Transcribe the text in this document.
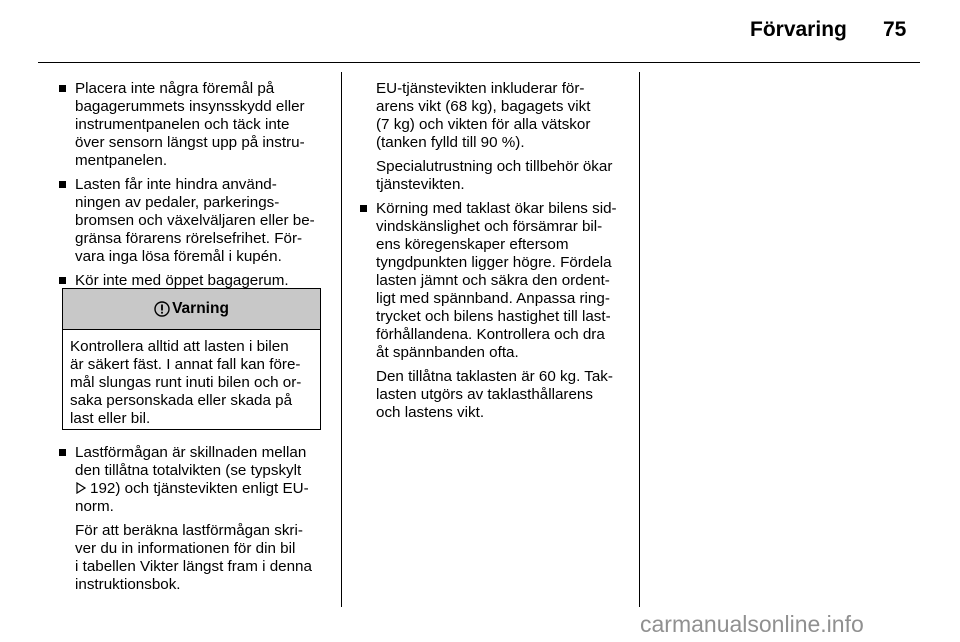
Förvaring 75
Placera inte några föremål på
bagagerummets insynsskydd eller
instrumentpanelen och täck inte
över sensorn längst upp på instru-
mentpanelen.
Lasten får inte hindra använd-
ningen av pedaler, parkerings-
bromsen och växelväljaren eller be-
gränsa förarens rörelsefrihet. För-
vara inga lösa föremål i kupén.
Kör inte med öppet bagagerum.
Varning
Kontrollera alltid att lasten i bilen
är säkert fäst. I annat fall kan före-
mål slungas runt inuti bilen och or-
saka personskada eller skada på
last eller bil.
Lastförmågan är skillnaden mellan
den tillåtna totalvikten (se typskylt
192) och tjänstevikten enligt EU-
norm.
För att beräkna lastförmågan skri-
ver du in informationen för din bil
i tabellen Vikter längst fram i denna
instruktionsbok.
EU-tjänstevikten inkluderar för-
arens vikt (68 kg), bagagets vikt
(7 kg) och vikten för alla vätskor
(tanken fylld till 90 %).
Specialutrustning och tillbehör ökar
tjänstevikten.
Körning med taklast ökar bilens sid-
vindskänslighet och försämrar bil-
ens köregenskaper eftersom
tyngdpunkten ligger högre. Fördela
lasten jämnt och säkra den ordent-
ligt med spännband. Anpassa ring-
trycket och bilens hastighet till last-
förhållandena. Kontrollera och dra
åt spännbanden ofta.
Den tillåtna taklasten är 60 kg. Tak-
lasten utgörs av taklasthållarens
och lastens vikt.
carmanualsonline.info
